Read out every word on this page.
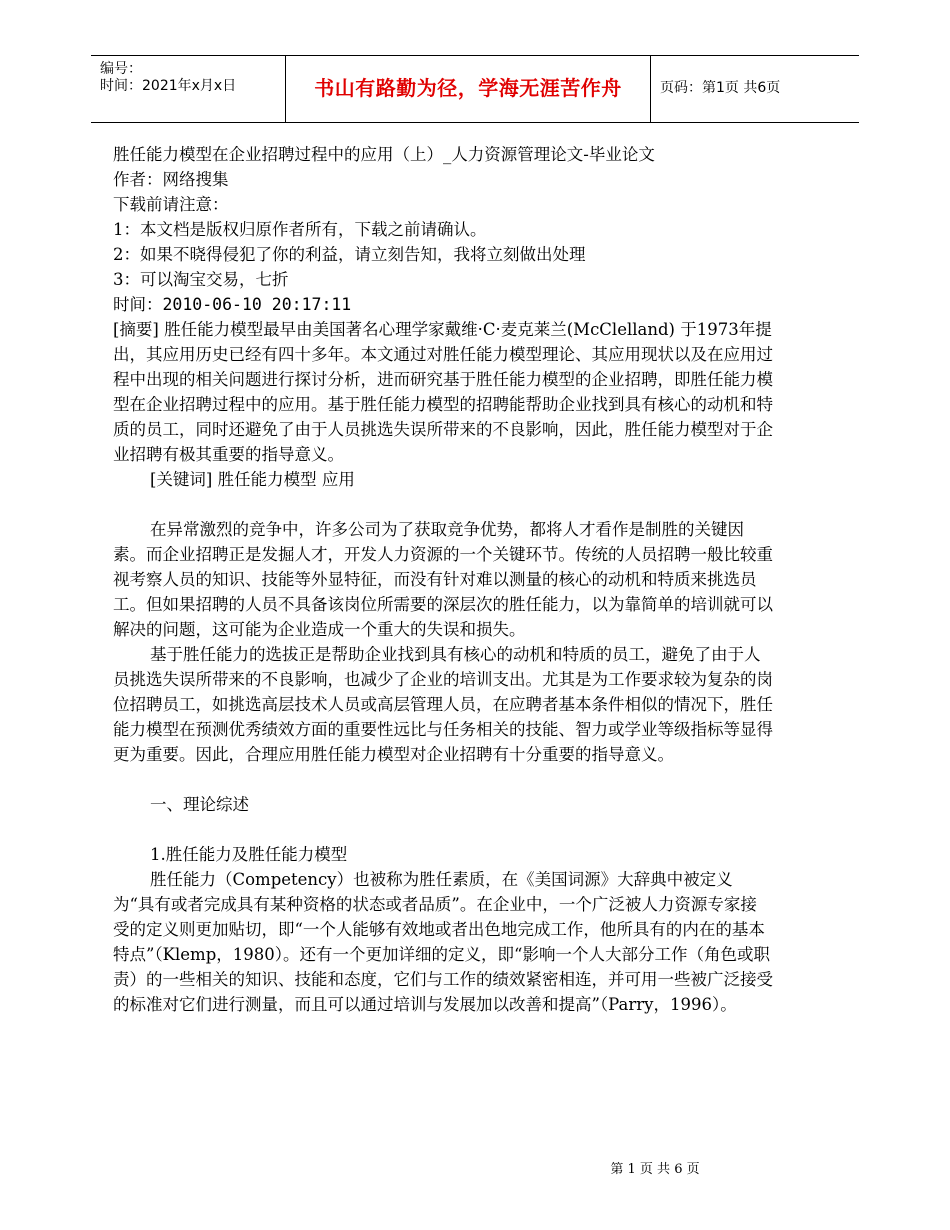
编号：
时间：2021年x月x日	书山有路勤为径，学海无涯苦作舟	页码：第1页 共6页

胜任能力模型在企业招聘过程中的应用（上）_人力资源管理论文-毕业论文

作者：网络搜集

下载前请注意：

1：本文档是版权归原作者所有，下载之前请确认。

2：如果不晓得侵犯了你的利益，请立刻告知，我将立刻做出处理

3：可以淘宝交易，七折

时间：2010-06-10 20:17:11

[摘要] 胜任能力模型最早由美国著名心理学家戴维·C·麦克莱兰(McClelland) 于1973年提出，其应用历史已经有四十多年。本文通过对胜任能力模型理论、其应用现状以及在应用过程中出现的相关问题进行探讨分析，进而研究基于胜任能力模型的企业招聘，即胜任能力模型在企业招聘过程中的应用。基于胜任能力模型的招聘能帮助企业找到具有核心的动机和特质的员工，同时还避免了由于人员挑选失误所带来的不良影响，因此，胜任能力模型对于企业招聘有极其重要的指导意义。

[关键词] 胜任能力模型 应用

在异常激烈的竞争中，许多公司为了获取竞争优势，都将人才看作是制胜的关键因素。而企业招聘正是发掘人才，开发人力资源的一个关键环节。传统的人员招聘一般比较重视考察人员的知识、技能等外显特征，而没有针对难以测量的核心的动机和特质来挑选员工。但如果招聘的人员不具备该岗位所需要的深层次的胜任能力，以为靠简单的培训就可以解决的问题，这可能为企业造成一个重大的失误和损失。

基于胜任能力的选拔正是帮助企业找到具有核心的动机和特质的员工，避免了由于人员挑选失误所带来的不良影响，也减少了企业的培训支出。尤其是为工作要求较为复杂的岗位招聘员工，如挑选高层技术人员或高层管理人员，在应聘者基本条件相似的情况下，胜任能力模型在预测优秀绩效方面的重要性远比与任务相关的技能、智力或学业等级指标等显得更为重要。因此，合理应用胜任能力模型对企业招聘有十分重要的指导意义。

一、理论综述

1.胜任能力及胜任能力模型

胜任能力（Competency）也被称为胜任素质，在《美国词源》大辞典中被定义为“具有或者完成具有某种资格的状态或者品质”。在企业中，一个广泛被人力资源专家接受的定义则更加贴切，即“一个人能够有效地或者出色地完成工作，他所具有的内在的基本特点”（Klemp，1980）。还有一个更加详细的定义，即“影响一个人大部分工作（角色或职责）的一些相关的知识、技能和态度，它们与工作的绩效紧密相连，并可用一些被广泛接受的标准对它们进行测量，而且可以通过培训与发展加以改善和提高”（Parry，1996）。

第 1 页 共 6 页
